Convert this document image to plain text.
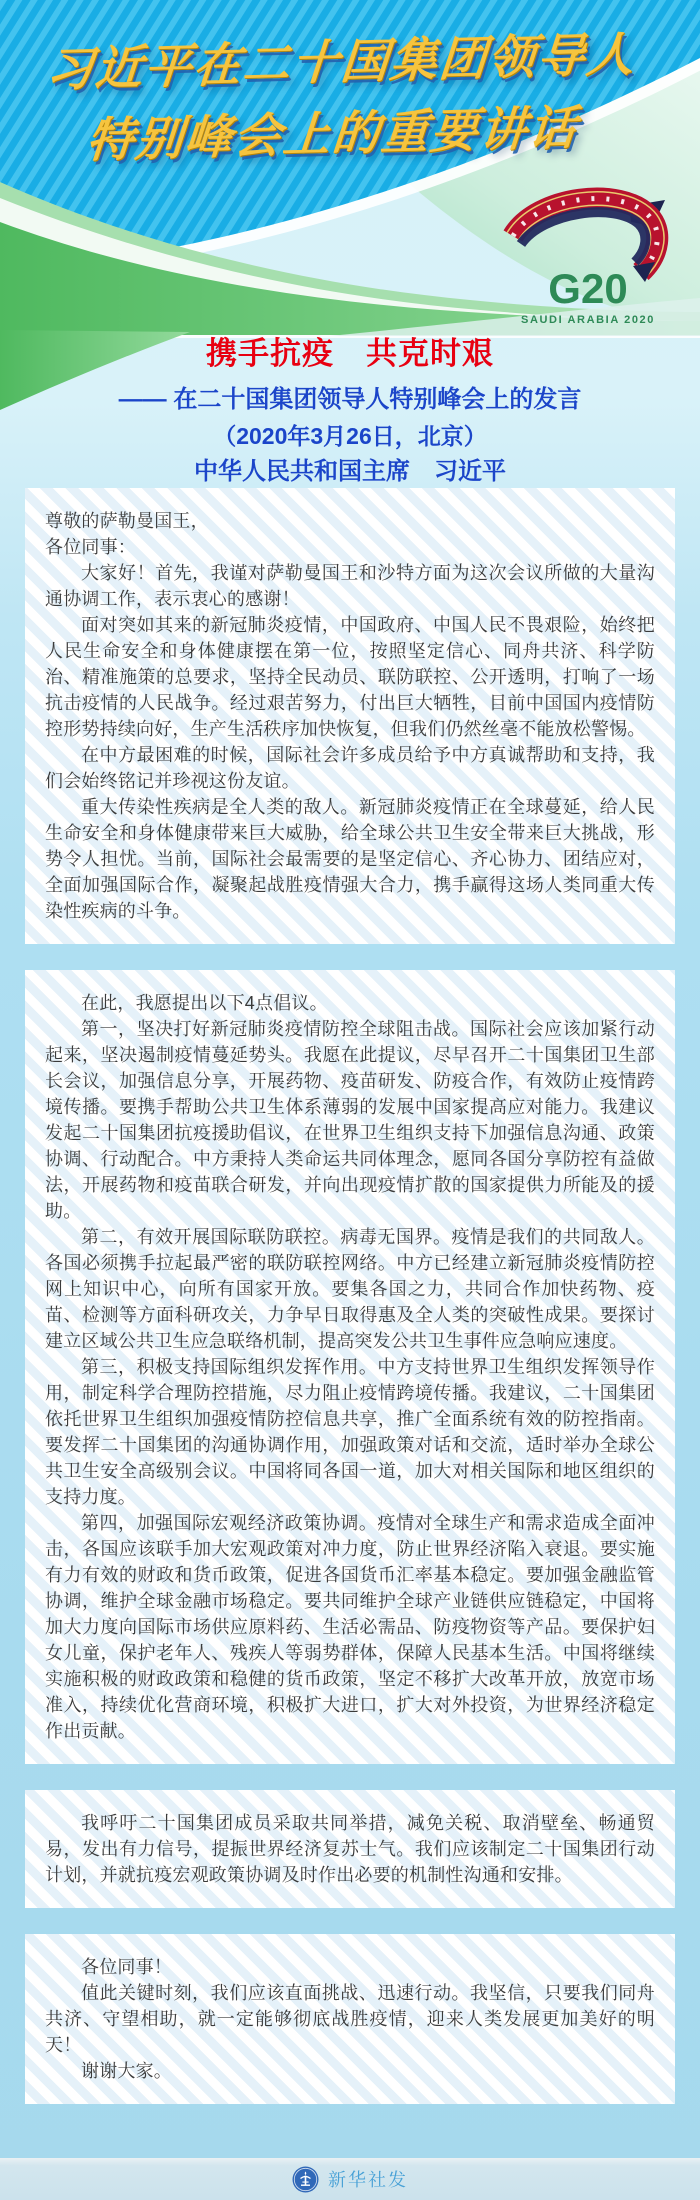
习近平在二十国集团领导人
特别峰会上的重要讲话
G20
SAUDI ARABIA 2020
携手抗疫　共克时艰
—— 在二十国集团领导人特别峰会上的发言
（2020年3月26日，北京）
中华人民共和国主席　习近平

尊敬的萨勒曼国王，

各位同事：

大家好！首先，我谨对萨勒曼国王和沙特方面为这次会议所做的大量沟通协调工作，表示衷心的感谢！

面对突如其来的新冠肺炎疫情，中国政府、中国人民不畏艰险，始终把人民生命安全和身体健康摆在第一位，按照坚定信心、同舟共济、科学防治、精准施策的总要求，坚持全民动员、联防联控、公开透明，打响了一场抗击疫情的人民战争。经过艰苦努力，付出巨大牺牲，目前中国国内疫情防控形势持续向好，生产生活秩序加快恢复，但我们仍然丝毫不能放松警惕。

在中方最困难的时候，国际社会许多成员给予中方真诚帮助和支持，我们会始终铭记并珍视这份友谊。

重大传染性疾病是全人类的敌人。新冠肺炎疫情正在全球蔓延，给人民生命安全和身体健康带来巨大威胁，给全球公共卫生安全带来巨大挑战，形势令人担忧。当前，国际社会最需要的是坚定信心、齐心协力、团结应对，全面加强国际合作，凝聚起战胜疫情强大合力，携手赢得这场人类同重大传染性疾病的斗争。

在此，我愿提出以下4点倡议。

第一，坚决打好新冠肺炎疫情防控全球阻击战。国际社会应该加紧行动起来，坚决遏制疫情蔓延势头。我愿在此提议，尽早召开二十国集团卫生部长会议，加强信息分享，开展药物、疫苗研发、防疫合作，有效防止疫情跨境传播。要携手帮助公共卫生体系薄弱的发展中国家提高应对能力。我建议发起二十国集团抗疫援助倡议，在世界卫生组织支持下加强信息沟通、政策协调、行动配合。中方秉持人类命运共同体理念，愿同各国分享防控有益做法，开展药物和疫苗联合研发，并向出现疫情扩散的国家提供力所能及的援助。

第二，有效开展国际联防联控。病毒无国界。疫情是我们的共同敌人。各国必须携手拉起最严密的联防联控网络。中方已经建立新冠肺炎疫情防控网上知识中心，向所有国家开放。要集各国之力，共同合作加快药物、疫苗、检测等方面科研攻关，力争早日取得惠及全人类的突破性成果。要探讨建立区域公共卫生应急联络机制，提高突发公共卫生事件应急响应速度。

第三，积极支持国际组织发挥作用。中方支持世界卫生组织发挥领导作用，制定科学合理防控措施，尽力阻止疫情跨境传播。我建议，二十国集团依托世界卫生组织加强疫情防控信息共享，推广全面系统有效的防控指南。要发挥二十国集团的沟通协调作用，加强政策对话和交流，适时举办全球公共卫生安全高级别会议。中国将同各国一道，加大对相关国际和地区组织的支持力度。

第四，加强国际宏观经济政策协调。疫情对全球生产和需求造成全面冲击，各国应该联手加大宏观政策对冲力度，防止世界经济陷入衰退。要实施有力有效的财政和货币政策，促进各国货币汇率基本稳定。要加强金融监管协调，维护全球金融市场稳定。要共同维护全球产业链供应链稳定，中国将加大力度向国际市场供应原料药、生活必需品、防疫物资等产品。要保护妇女儿童，保护老年人、残疾人等弱势群体，保障人民基本生活。中国将继续实施积极的财政政策和稳健的货币政策，坚定不移扩大改革开放，放宽市场准入，持续优化营商环境，积极扩大进口，扩大对外投资，为世界经济稳定作出贡献。

我呼吁二十国集团成员采取共同举措，减免关税、取消壁垒、畅通贸易，发出有力信号，提振世界经济复苏士气。我们应该制定二十国集团行动计划，并就抗疫宏观政策协调及时作出必要的机制性沟通和安排。

各位同事！

值此关键时刻，我们应该直面挑战、迅速行动。我坚信，只要我们同舟共济、守望相助，就一定能够彻底战胜疫情，迎来人类发展更加美好的明天！

谢谢大家。

新华社发
